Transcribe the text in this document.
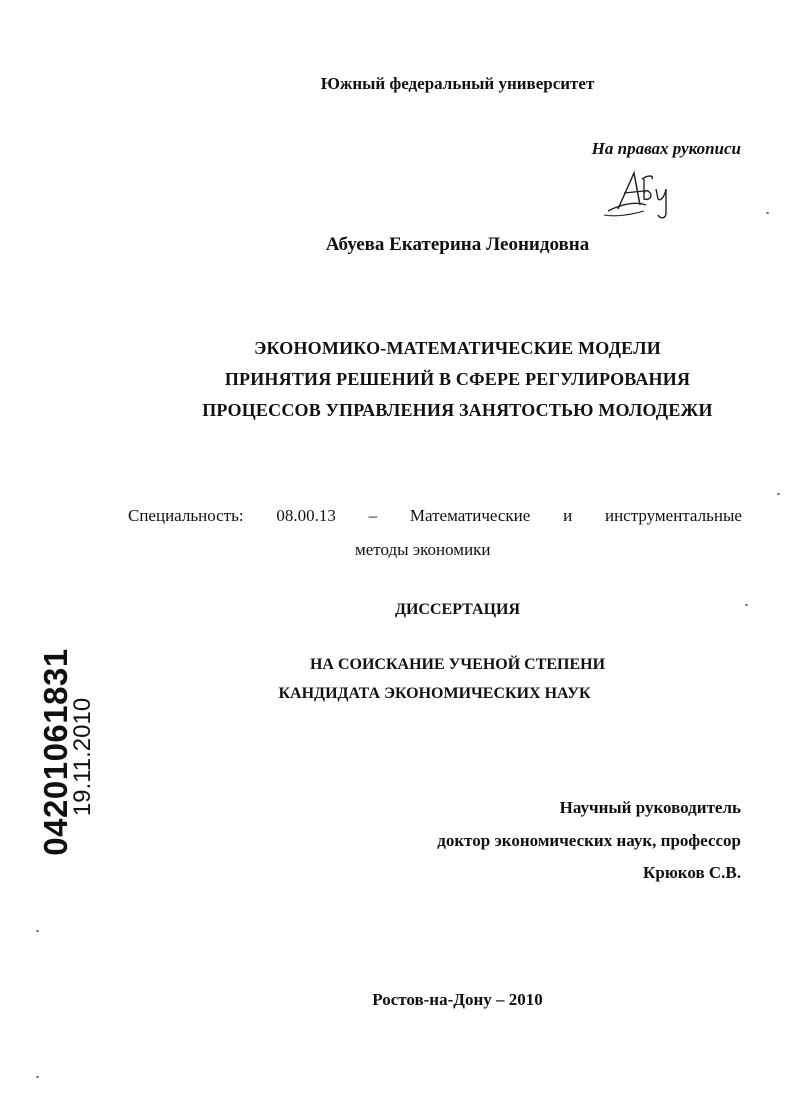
Южный федеральный университет
На правах рукописи
Абуева Екатерина Леонидовна
ЭКОНОМИКО-МАТЕМАТИЧЕСКИЕ МОДЕЛИ
ПРИНЯТИЯ РЕШЕНИЙ В СФЕРЕ РЕГУЛИРОВАНИЯ
ПРОЦЕССОВ УПРАВЛЕНИЯ ЗАНЯТОСТЬЮ МОЛОДЕЖИ
Специальность: 08.00.13 – Математические и инструментальные
методы экономики
ДИССЕРТАЦИЯ
НА СОИСКАНИЕ УЧЕНОЙ СТЕПЕНИ
КАНДИДАТА ЭКОНОМИЧЕСКИХ НАУК
Научный руководитель
доктор экономических наук, профессор
Крюков С.В.
Ростов-на-Дону – 2010
04201061831
19.11.2010
